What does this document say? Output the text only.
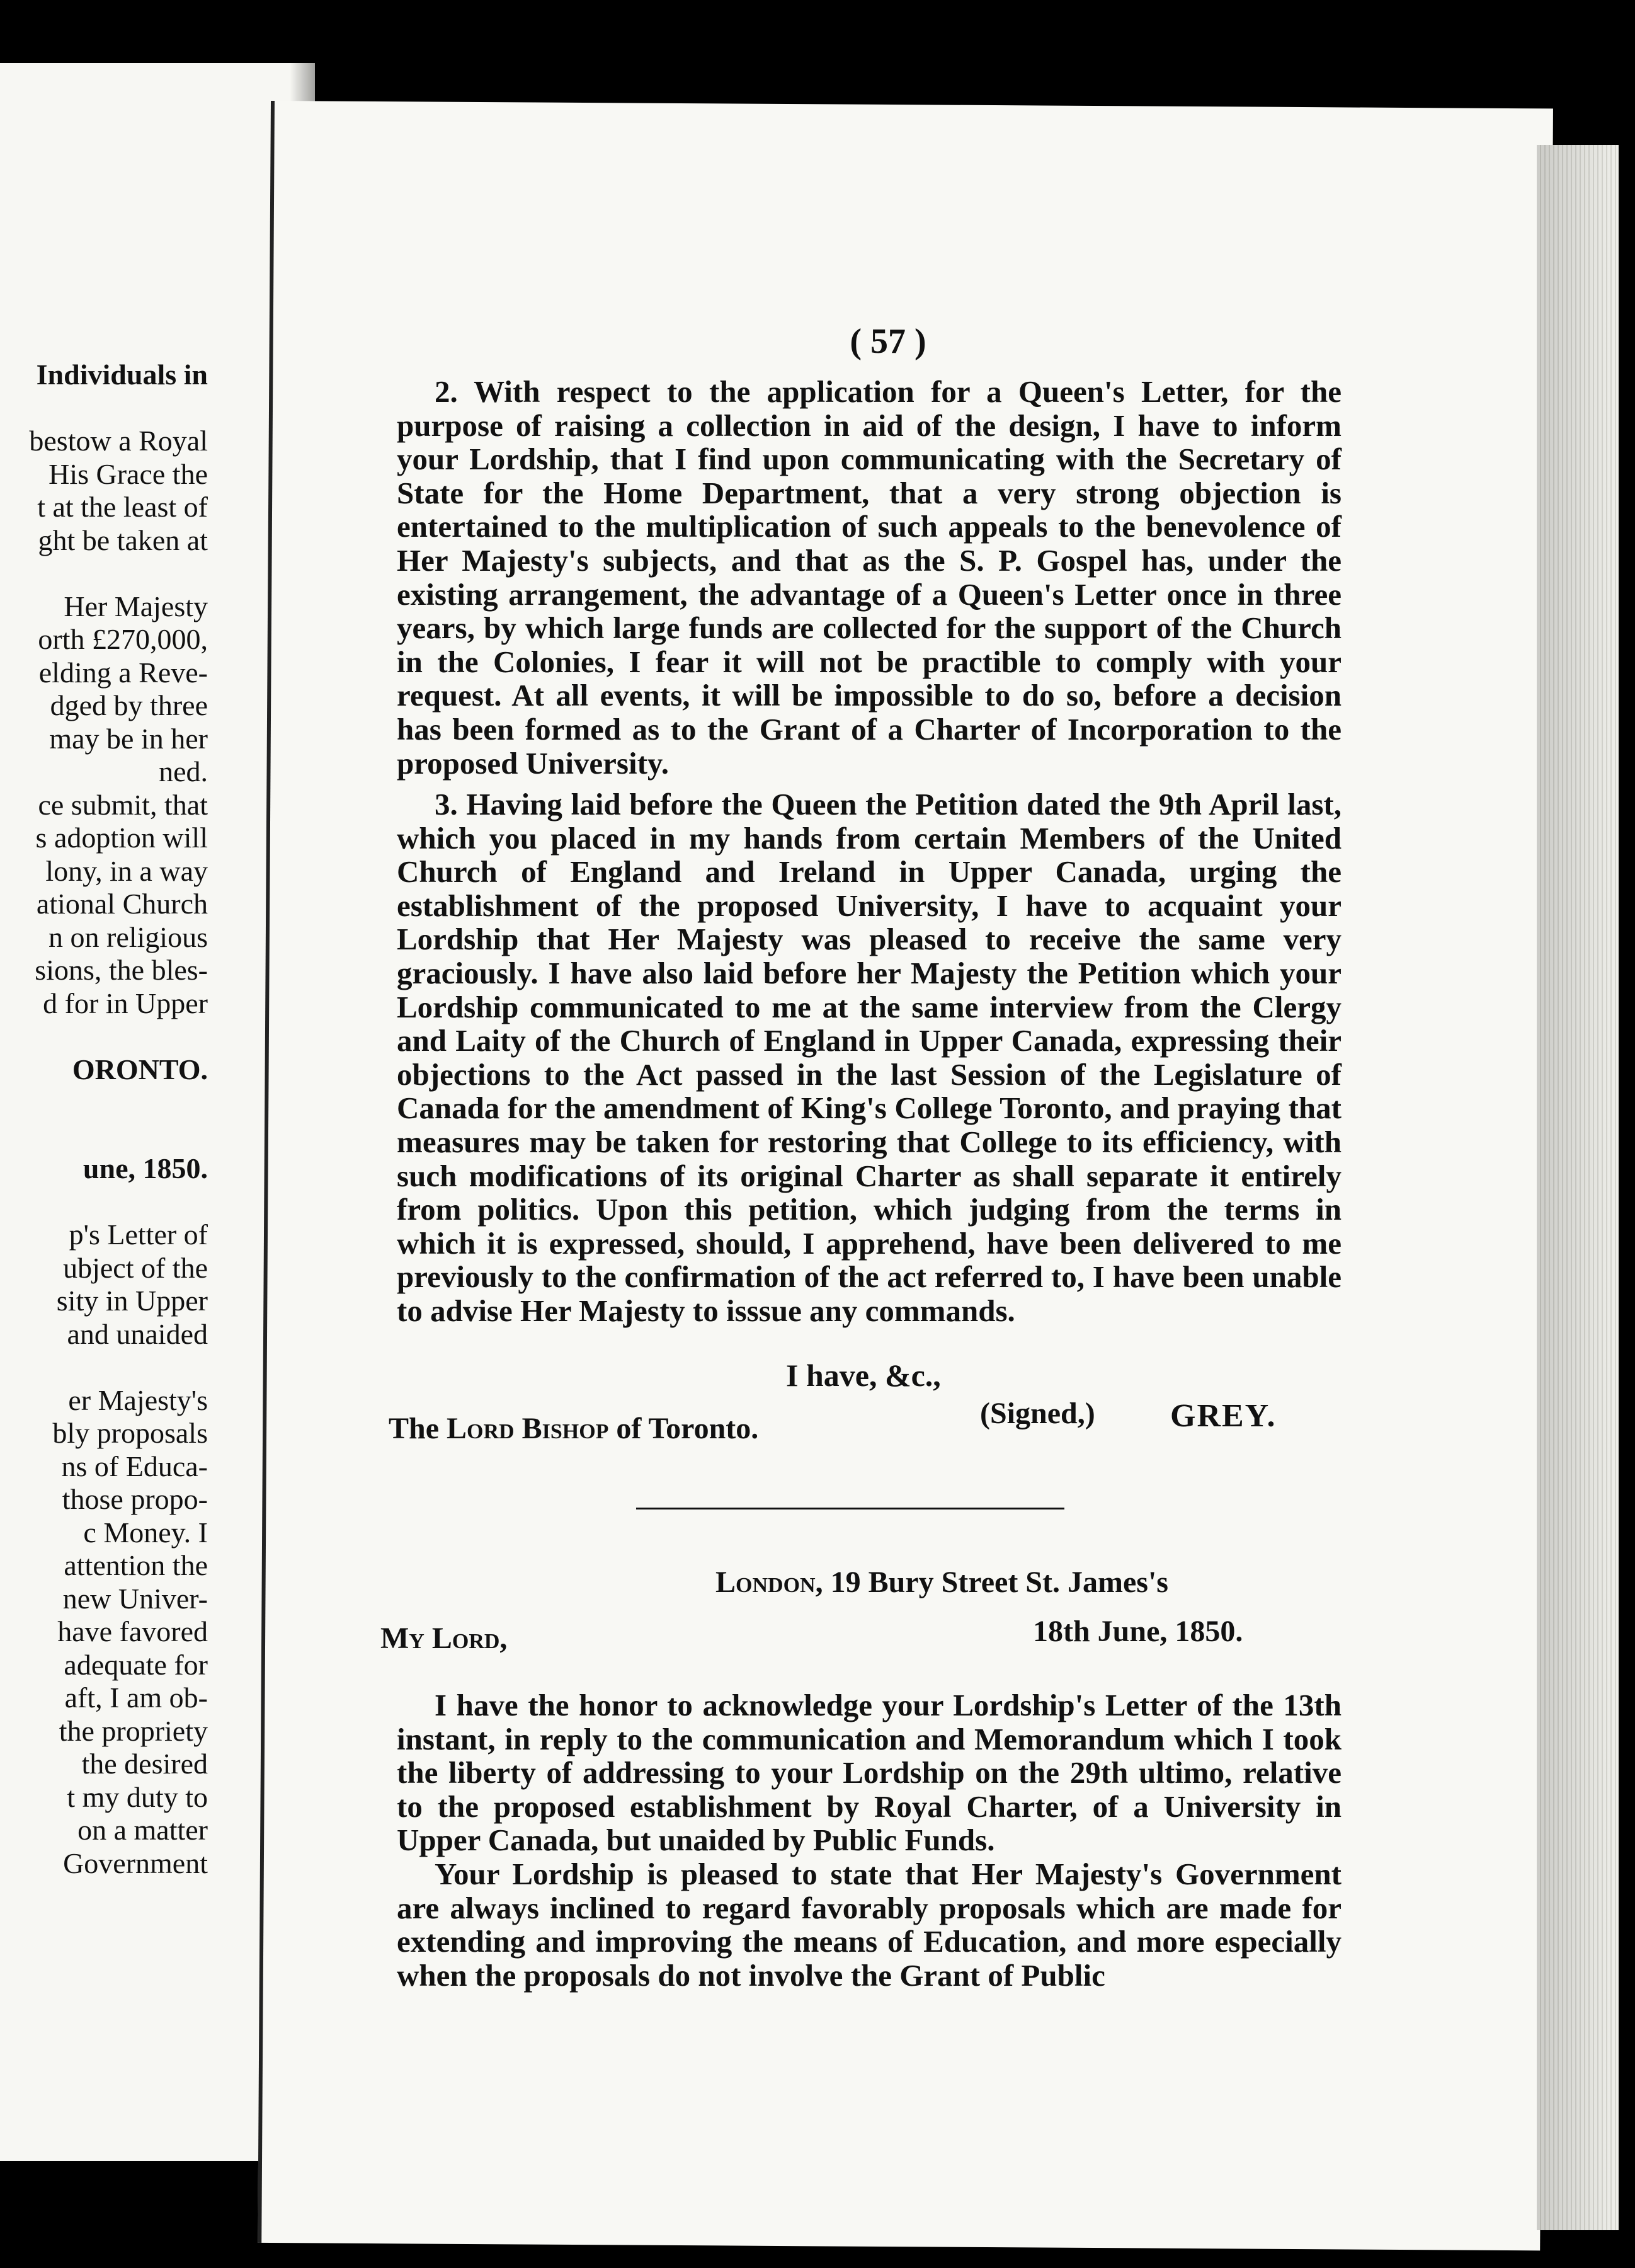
Individuals in
bestow a Royal
His Grace the
t at the least of
ght be taken at
Her Majesty
orth £270,000,
elding a Reve-
dged by three
may be in her
ned.
ce submit, that
s adoption will
lony, in a way
ational Church
n on religious
sions, the bles-
d for in Upper
ORONTO.
une, 1850.
p's Letter of
ubject of the
sity in Upper
and unaided
er Majesty's
bly proposals
ns of Educa-
those propo-
c Money. I
attention the
new Univer-
have favored
adequate for
aft, I am ob-
the propriety
the desired
t my duty to
on a matter
Government
( 57 )

2. With respect to the application for a Queen's Letter, for the purpose of raising a collection in aid of the design, I have to inform your Lordship, that I find upon communicating with the Secretary of State for the Home Department, that a very strong objection is entertained to the multiplication of such appeals to the benevolence of Her Majesty's subjects, and that as the S. P. Gospel has, under the existing arrangement, the advantage of a Queen's Letter once in three years, by which large funds are collected for the support of the Church in the Colonies, I fear it will not be practible to comply with your request. At all events, it will be impossible to do so, before a decision has been formed as to the Grant of a Charter of Incorporation to the proposed University.

3. Having laid before the Queen the Petition dated the 9th April last, which you placed in my hands from certain Members of the United Church of England and Ireland in Upper Canada, urging the establishment of the proposed University, I have to acquaint your Lordship that Her Majesty was pleased to receive the same very graciously. I have also laid before her Majesty the Petition which your Lordship communicated to me at the same interview from the Clergy and Laity of the Church of England in Upper Canada, expressing their objections to the Act passed in the last Session of the Legislature of Canada for the amendment of King's College Toronto, and praying that measures may be taken for restoring that College to its efficiency, with such modifications of its original Charter as shall separate it entirely from politics. Upon this petition, which judging from the terms in which it is expressed, should, I apprehend, have been delivered to me previously to the confirmation of the act referred to, I have been unable to advise Her Majesty to isssue any commands.

I have, &c.,
The Lord Bishop of Toronto.	(Signed,) GREY.
London, 19 Bury Street St. James's
My Lord,	18th June, 1850.

I have the honor to acknowledge your Lordship's Letter of the 13th instant, in reply to the communication and Memorandum which I took the liberty of addressing to your Lordship on the 29th ultimo, relative to the proposed establishment by Royal Charter, of a University in Upper Canada, but unaided by Public Funds.

Your Lordship is pleased to state that Her Majesty's Government are always inclined to regard favorably proposals which are made for extending and improving the means of Education, and more especially when the proposals do not involve the Grant of Public
